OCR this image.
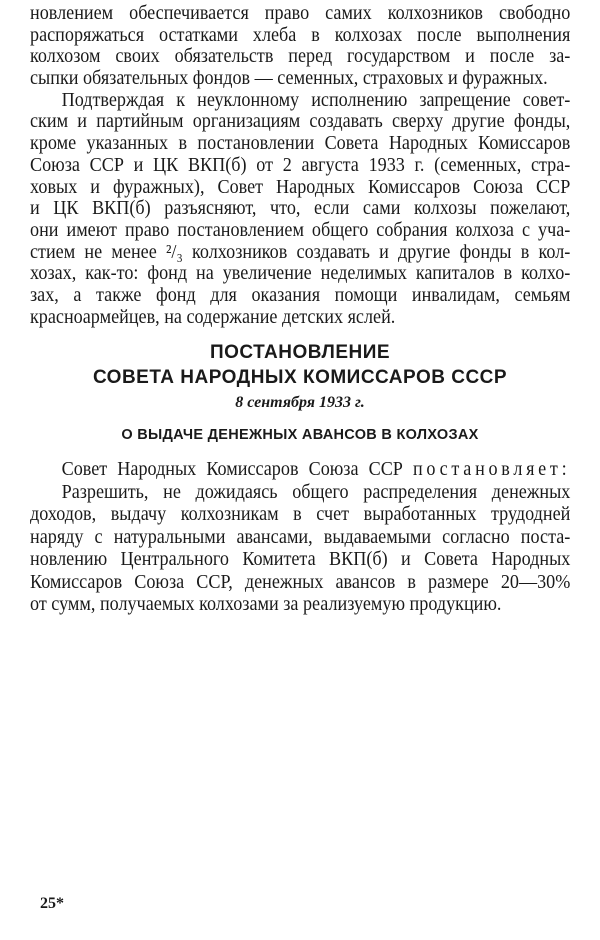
новлением обеспечивается право самих колхозников свободно
распоряжаться остатками хлеба в колхозах после выполнения
колхозом своих обязательств перед государством и после за-
сыпки обязательных фондов — семенных, страховых и фуражных.
Подтверждая к неуклонному исполнению запрещение совет-
ским и партийным организациям создавать сверху другие фонды,
кроме указанных в постановлении Совета Народных Комиссаров
Союза ССР и ЦК ВКП(б) от 2 августа 1933 г. (семенных, стра-
ховых и фуражных), Совет Народных Комиссаров Союза ССР
и ЦК ВКП(б) разъясняют, что, если сами колхозы пожелают,
они имеют право постановлением общего собрания колхоза с уча-
стием не менее ²/₃ колхозников создавать и другие фонды в кол-
хозах, как-то: фонд на увеличение неделимых капиталов в колхо-
зах, а также фонд для оказания помощи инвалидам, семьям
красноармейцев, на содержание детских яслей.
ПОСТАНОВЛЕНИЕ
СОВЕТА НАРОДНЫХ КОМИССАРОВ СССР
8 сентября 1933 г.
О ВЫДАЧЕ ДЕНЕЖНЫХ АВАНСОВ В КОЛХОЗАХ
Совет Народных Комиссаров Союза ССР постановляет:
Разрешить, не дожидаясь общего распределения денежных
доходов, выдачу колхозникам в счет выработанных трудодней
наряду с натуральными авансами, выдаваемыми согласно поста-
новлению Центрального Комитета ВКП(б) и Совета Народных
Комиссаров Союза ССР, денежных авансов в размере 20—30%
от сумм, получаемых колхозами за реализуемую продукцию.
25*
